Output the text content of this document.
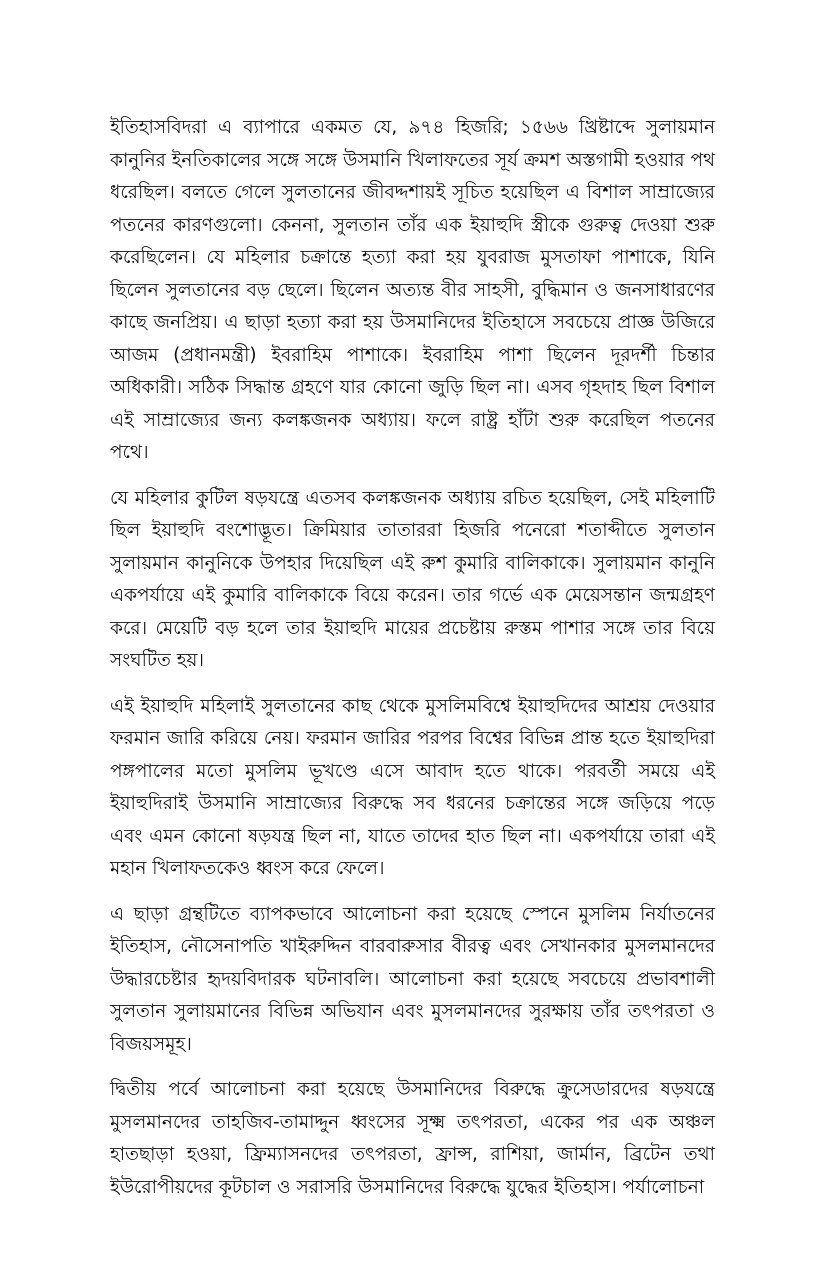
ইতিহাসবিদরা এ ব্যাপারে একমত যে, ৯৭৪ হিজরি; ১৫৬৬ খ্রিষ্টাব্দে সুলায়মান কানুনির ইনতিকালের সঙ্গে সঙ্গে উসমানি খিলাফতের সূর্য ক্রমশ অস্তগামী হওয়ার পথ ধরেছিল। বলতে গেলে সুলতানের জীবদ্দশায়ই সূচিত হয়েছিল এ বিশাল সাম্রাজ্যের পতনের কারণগুলো। কেননা, সুলতান তাঁর এক ইয়াহুদি স্ত্রীকে গুরুত্ব দেওয়া শুরু করেছিলেন। যে মহিলার চক্রান্তে হত্যা করা হয় যুবরাজ মুসতাফা পাশাকে, যিনি ছিলেন সুলতানের বড় ছেলে। ছিলেন অত্যন্ত বীর সাহসী, বুদ্ধিমান ও জনসাধারণের কাছে জনপ্রিয়। এ ছাড়া হত্যা করা হয় উসমানিদের ইতিহাসে সবচেয়ে প্রাজ্ঞ উজিরে আজম (প্রধানমন্ত্রী) ইবরাহিম পাশাকে। ইবরাহিম পাশা ছিলেন দূরদর্শী চিন্তার অধিকারী। সঠিক সিদ্ধান্ত গ্রহণে যার কোনো জুড়ি ছিল না। এসব গৃহদাহ ছিল বিশাল এই সাম্রাজ্যের জন্য কলঙ্কজনক অধ্যায়। ফলে রাষ্ট্র হাঁটা শুরু করেছিল পতনের পথে।

যে মহিলার কুটিল ষড়যন্ত্রে এতসব কলঙ্কজনক অধ্যায় রচিত হয়েছিল, সেই মহিলাটি ছিল ইয়াহুদি বংশোদ্ভূত। ক্রিমিয়ার তাতাররা হিজরি পনেরো শতাব্দীতে সুলতান সুলায়মান কানুনিকে উপহার দিয়েছিল এই রুশ কুমারি বালিকাকে। সুলায়মান কানুনি একপর্যায়ে এই কুমারি বালিকাকে বিয়ে করেন। তার গর্ভে এক মেয়েসন্তান জন্মগ্রহণ করে। মেয়েটি বড় হলে তার ইয়াহুদি মায়ের প্রচেষ্টায় রুস্তম পাশার সঙ্গে তার বিয়ে সংঘটিত হয়।

এই ইয়াহুদি মহিলাই সুলতানের কাছ থেকে মুসলিমবিশ্বে ইয়াহুদিদের আশ্রয় দেওয়ার ফরমান জারি করিয়ে নেয়। ফরমান জারির পরপর বিশ্বের বিভিন্ন প্রান্ত হতে ইয়াহুদিরা পঙ্গপালের মতো মুসলিম ভূখণ্ডে এসে আবাদ হতে থাকে। পরবর্তী সময়ে এই ইয়াহুদিরাই উসমানি সাম্রাজ্যের বিরুদ্ধে সব ধরনের চক্রান্তের সঙ্গে জড়িয়ে পড়ে এবং এমন কোনো ষড়যন্ত্র ছিল না, যাতে তাদের হাত ছিল না। একপর্যায়ে তারা এই মহান খিলাফতকেও ধ্বংস করে ফেলে।

এ ছাড়া গ্রন্থটিতে ব্যাপকভাবে আলোচনা করা হয়েছে স্পেনে মুসলিম নির্যাতনের ইতিহাস, নৌসেনাপতি খাইরুদ্দিন বারবারুসার বীরত্ব এবং সেখানকার মুসলমানদের উদ্ধারচেষ্টার হৃদয়বিদারক ঘটনাবলি। আলোচনা করা হয়েছে সবচেয়ে প্রভাবশালী সুলতান সুলায়মানের বিভিন্ন অভিযান এবং মুসলমানদের সুরক্ষায় তাঁর তৎপরতা ও বিজয়সমূহ।

দ্বিতীয় পর্বে আলোচনা করা হয়েছে উসমানিদের বিরুদ্ধে ক্রুসেডারদের ষড়যন্ত্রে মুসলমানদের তাহজিব-তামাদ্দুন ধ্বংসের সূক্ষ্ম তৎপরতা, একের পর এক অঞ্চল হাতছাড়া হওয়া, ফ্রিম্যাসনদের তৎপরতা, ফ্রান্স, রাশিয়া, জার্মান, ব্রিটেন তথা ইউরোপীয়দের কূটচাল ও সরাসরি উসমানিদের বিরুদ্ধে যুদ্ধের ইতিহাস। পর্যালোচনা
